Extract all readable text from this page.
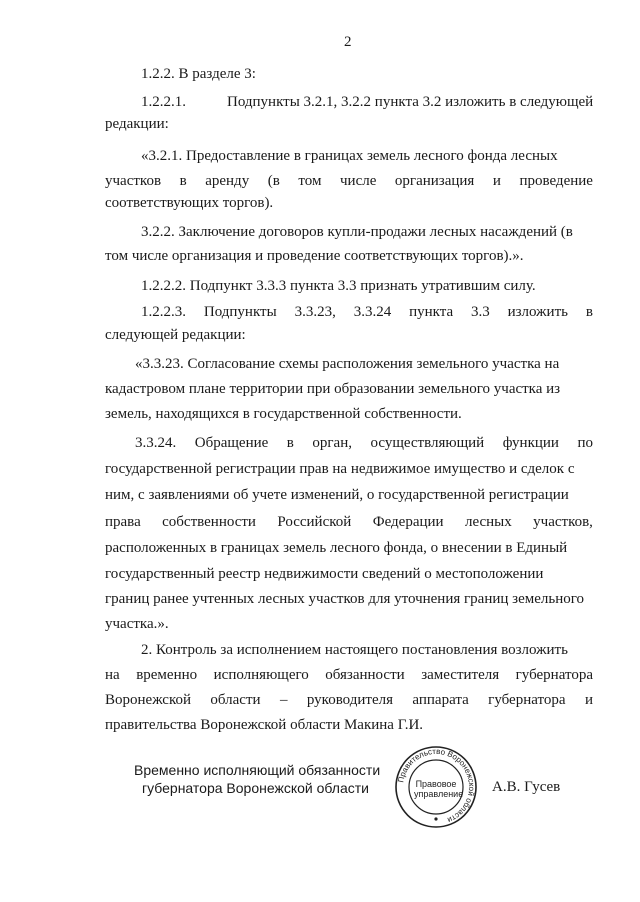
2
1.2.2. В разделе 3:
1.2.2.1.	Подпункты 3.2.1, 3.2.2 пункта 3.2 изложить в следующей
редакции:
«3.2.1. Предоставление в границах земель лесного фонда лесных
участков в аренду (в том числе организация и проведение
соответствующих торгов).
3.2.2. Заключение договоров купли-продажи лесных насаждений (в
том числе организация и проведение соответствующих торгов).».
1.2.2.2. Подпункт 3.3.3 пункта 3.3 признать утратившим силу.
1.2.2.3. Подпункты 3.3.23, 3.3.24 пункта 3.3 изложить в
следующей редакции:
«3.3.23. Согласование схемы расположения земельного участка на
кадастровом плане территории при образовании земельного участка из
земель, находящихся в государственной собственности.
3.3.24. Обращение в орган, осуществляющий функции по
государственной регистрации прав на недвижимое имущество и сделок с
ним, с заявлениями об учете изменений, о государственной регистрации
права собственности Российской Федерации лесных участков,
расположенных в границах земель лесного фонда, о внесении в Единый
государственный реестр недвижимости сведений о местоположении
границ ранее учтенных лесных участков для уточнения границ земельного
участка.».
2. Контроль за исполнением настоящего постановления возложить
на временно исполняющего обязанности заместителя губернатора
Воронежской области – руководителя аппарата губернатора и
правительства Воронежской области Макина Г.И.
Временно исполняющий обязанности
губернатора Воронежской области
Правительство Воронежской области
Правовое управление А.В. Гусев
